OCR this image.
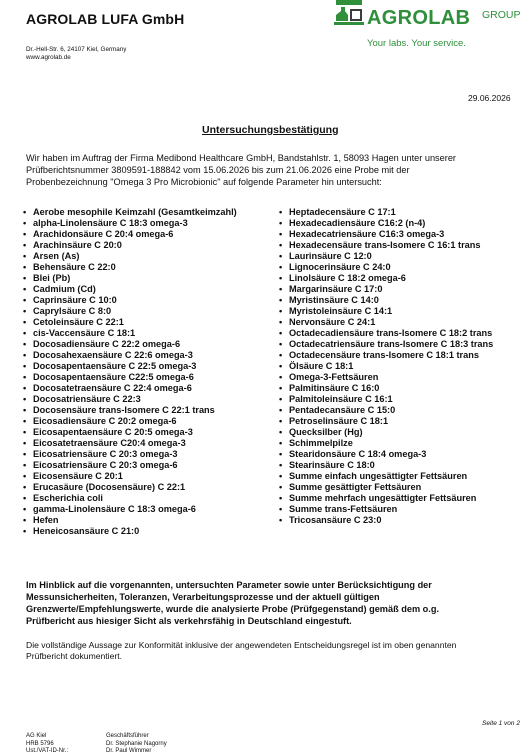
AGROLAB LUFA GmbH
Dr.-Hell-Str. 6, 24107 Kiel, Germany
www.agrolab.de
AGROLAB GROUP
Your labs. Your service.
29.06.2026
Untersuchungsbestätigung
Wir haben im Auftrag der Firma Medibond Healthcare GmbH, Bandstahlstr. 1, 58093 Hagen unter unserer
Prüfberichtsnummer 3809591-188842 vom 15.06.2026 bis zum 21.06.2026 eine Probe mit der
Probenbezeichnung "Omega 3 Pro Microbionic" auf folgende Parameter hin untersucht:
• Aerobe mesophile Keimzahl (Gesamtkeimzahl)
• alpha-Linolensäure C 18:3 omega-3
• Arachidonsäure C 20:4 omega-6
• Arachinsäure C 20:0
• Arsen (As)
• Behensäure C 22:0
• Blei (Pb)
• Cadmium (Cd)
• Caprinsäure C 10:0
• Caprylsäure C 8:0
• Cetoleinsäure C 22:1
• cis-Vaccensäure C 18:1
• Docosadiensäure C 22:2 omega-6
• Docosahexaensäure C 22:6 omega-3
• Docosapentaensäure C 22:5 omega-3
• Docosapentaensäure C22:5 omega-6
• Docosatetraensäure C 22:4 omega-6
• Docosatriensäure C 22:3
• Docosensäure trans-Isomere C 22:1 trans
• Eicosadiensäure C 20:2 omega-6
• Eicosapentaensäure C 20:5 omega-3
• Eicosatetraensäure C20:4 omega-3
• Eicosatriensäure C 20:3 omega-3
• Eicosatriensäure C 20:3 omega-6
• Eicosensäure C 20:1
• Erucasäure (Docosensäure) C 22:1
• Escherichia coli
• gamma-Linolensäure C 18:3 omega-6
• Hefen
• Heneicosansäure C 21:0
• Heptadecensäure C 17:1
• Hexadecadiensäure C16:2 (n-4)
• Hexadecatriensäure C16:3 omega-3
• Hexadecensäure trans-Isomere C 16:1 trans
• Laurinsäure C 12:0
• Lignocerinsäure C 24:0
• Linolsäure C 18:2 omega-6
• Margarinsäure C 17:0
• Myristinsäure C 14:0
• Myristoleinsäure C 14:1
• Nervonsäure C 24:1
• Octadecadiensäure trans-Isomere C 18:2 trans
• Octadecatriensäure trans-Isomere C 18:3 trans
• Octadecensäure trans-Isomere C 18:1 trans
• Ölsäure C 18:1
• Omega-3-Fettsäuren
• Palmitinsäure C 16:0
• Palmitoleinsäure C 16:1
• Pentadecansäure C 15:0
• Petroselinsäure C 18:1
• Quecksilber (Hg)
• Schimmelpilze
• Stearidonsäure C 18:4 omega-3
• Stearinsäure C 18:0
• Summe einfach ungesättigter Fettsäuren
• Summe gesättigter Fettsäuren
• Summe mehrfach ungesättigter Fettsäuren
• Summe trans-Fettsäuren
• Tricosansäure C 23:0
Im Hinblick auf die vorgenannten, untersuchten Parameter sowie unter Berücksichtigung der
Messunsicherheiten, Toleranzen, Verarbeitungsprozesse und der aktuell gültigen
Grenzwerte/Empfehlungswerte, wurde die analysierte Probe (Prüfgegenstand) gemäß dem o.g.
Prüfbericht aus hiesiger Sicht als verkehrsfähig in Deutschland eingestuft.
Die vollständige Aussage zur Konformität inklusive der angewendeten Entscheidungsregel ist im oben genannten
Prüfbericht dokumentiert.
Seite 1 von 2
AG Kiel
HRB 5796
Ust./VAT-ID-Nr.:
Geschäftsführer
Dr. Stephanie Nagorny
Dr. Paul Wimmer
